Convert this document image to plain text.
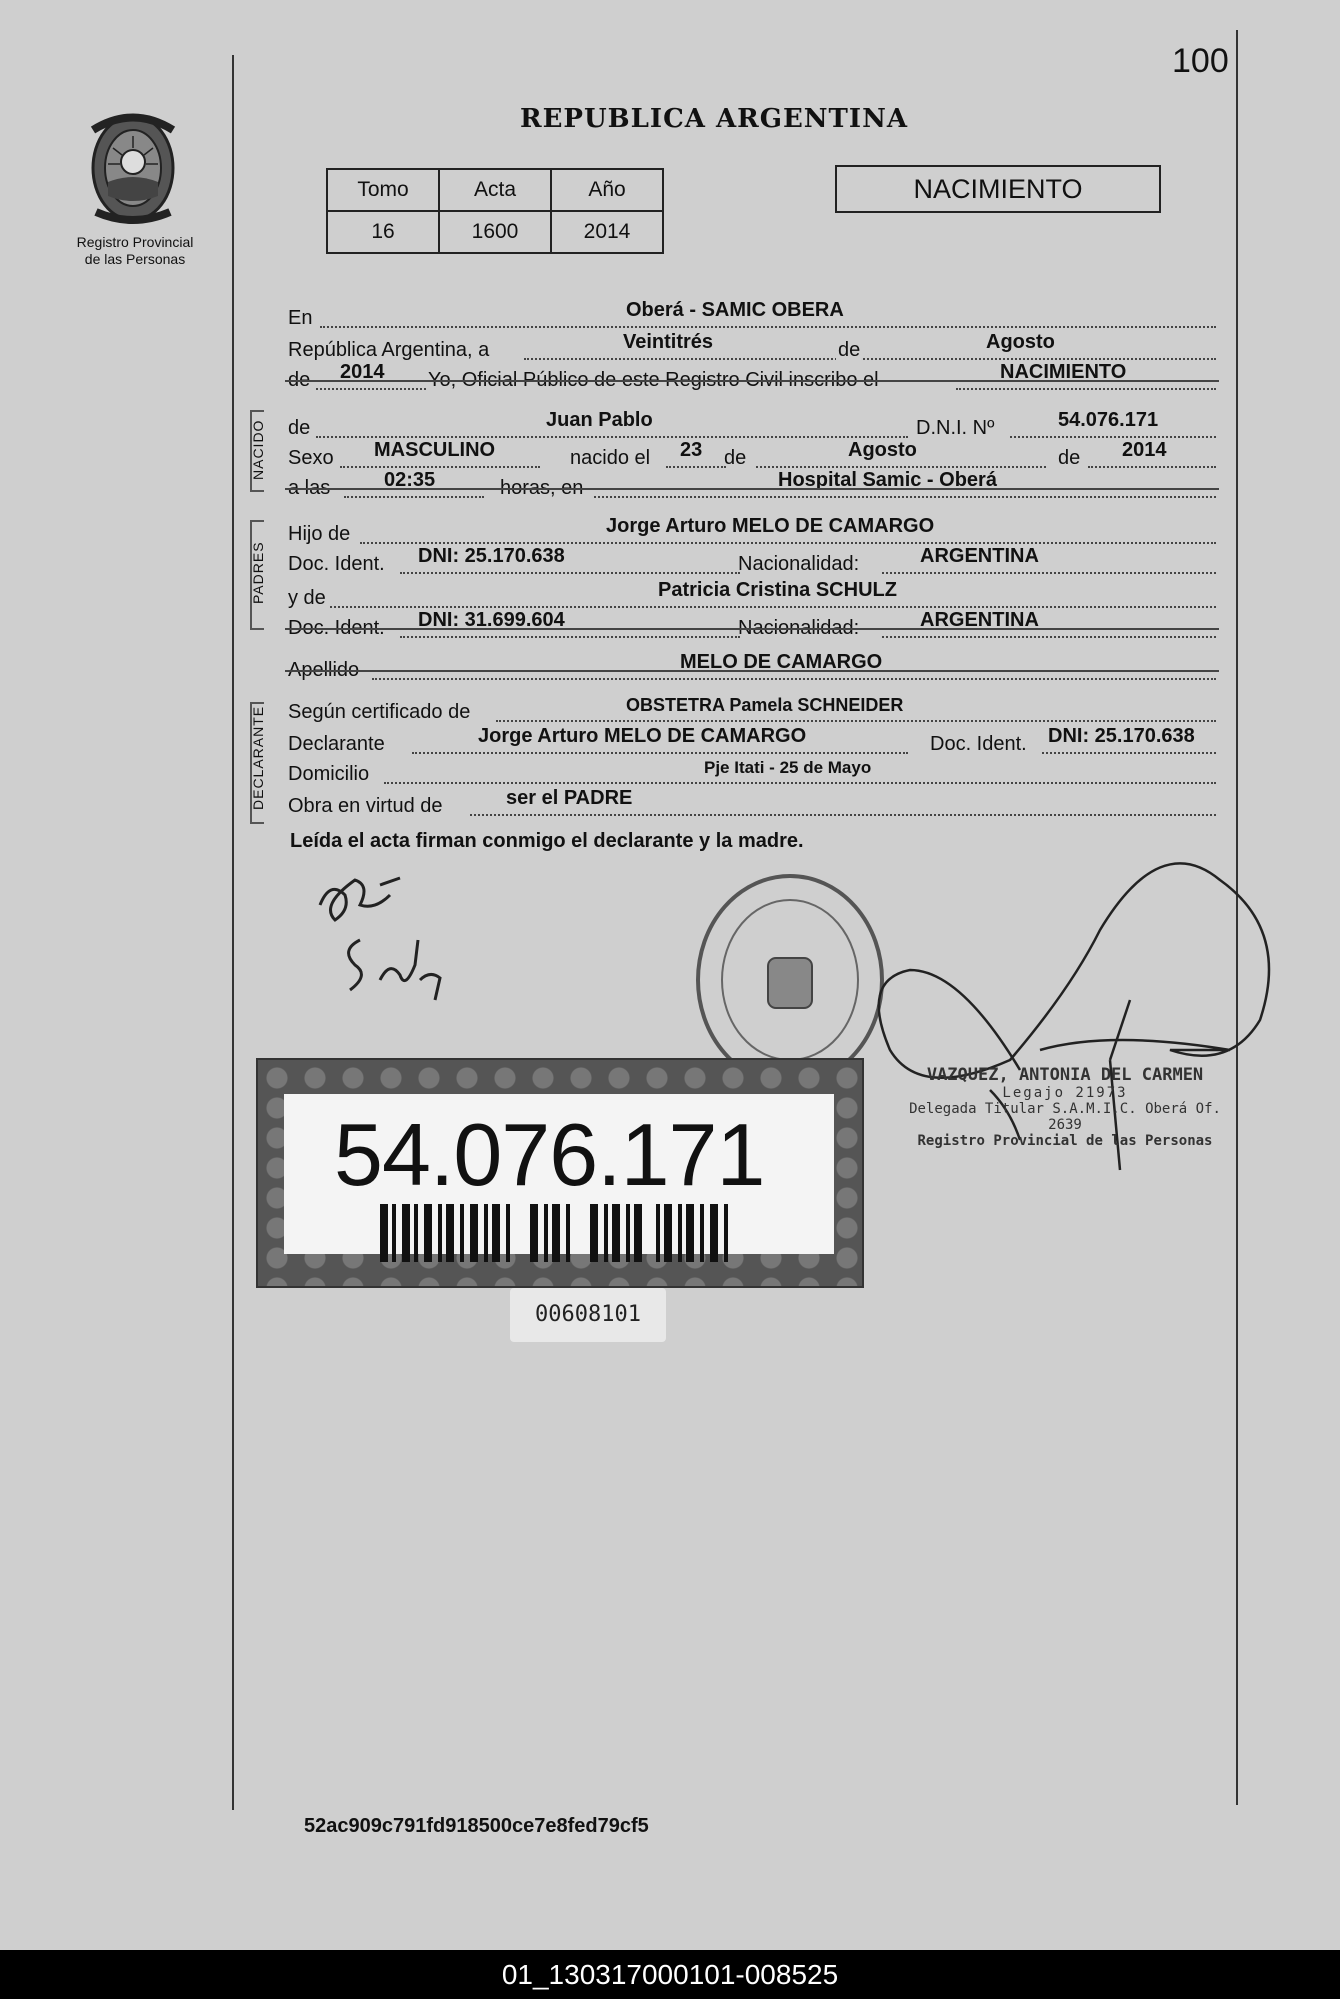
100
Registro Provincial
de las Personas
REPUBLICA ARGENTINA
Tomo	Acta	Año
16	1600	2014
NACIMIENTO
En	Oberá - SAMIC OBERA
República Argentina, a	Veintitrés	de	Agosto
de 2014 Yo, Oficial Público de este Registro Civil inscribo el	NACIMIENTO
NACIDO de	Juan Pablo	D.N.I. Nº	54.076.171
Sexo MASCULINO	nacido el 23 de	Agosto	de 2014
a las	02:35	horas, en	Hospital Samic - Oberá
PADRES
Hijo de	Jorge Arturo MELO DE CAMARGO
Doc. Ident. DNI: 25.170.638	Nacionalidad:	ARGENTINA
y de	Patricia Cristina SCHULZ
Doc. Ident. DNI: 31.699.604	Nacionalidad:	ARGENTINA
Apellido	MELO DE CAMARGO
DECLARANTE Según certificado de	OBSTETRA Pamela SCHNEIDER
Declarante	Jorge Arturo MELO DE CAMARGO	Doc. Ident. DNI: 25.170.638
Domicilio	Pje Itati - 25 de Mayo
Obra en virtud de	ser el PADRE
Leída el acta firman conmigo el declarante y la madre.
VAZQUEZ, ANTONIA DEL CARMEN
Legajo 21973
Delegada Titular S.A.M.I.C. Oberá Of. 2639
Registro Provincial de las Personas
54.076.171
00608101
52ac909c791fd918500ce7e8fed79cf5
01_130317000101-008525
